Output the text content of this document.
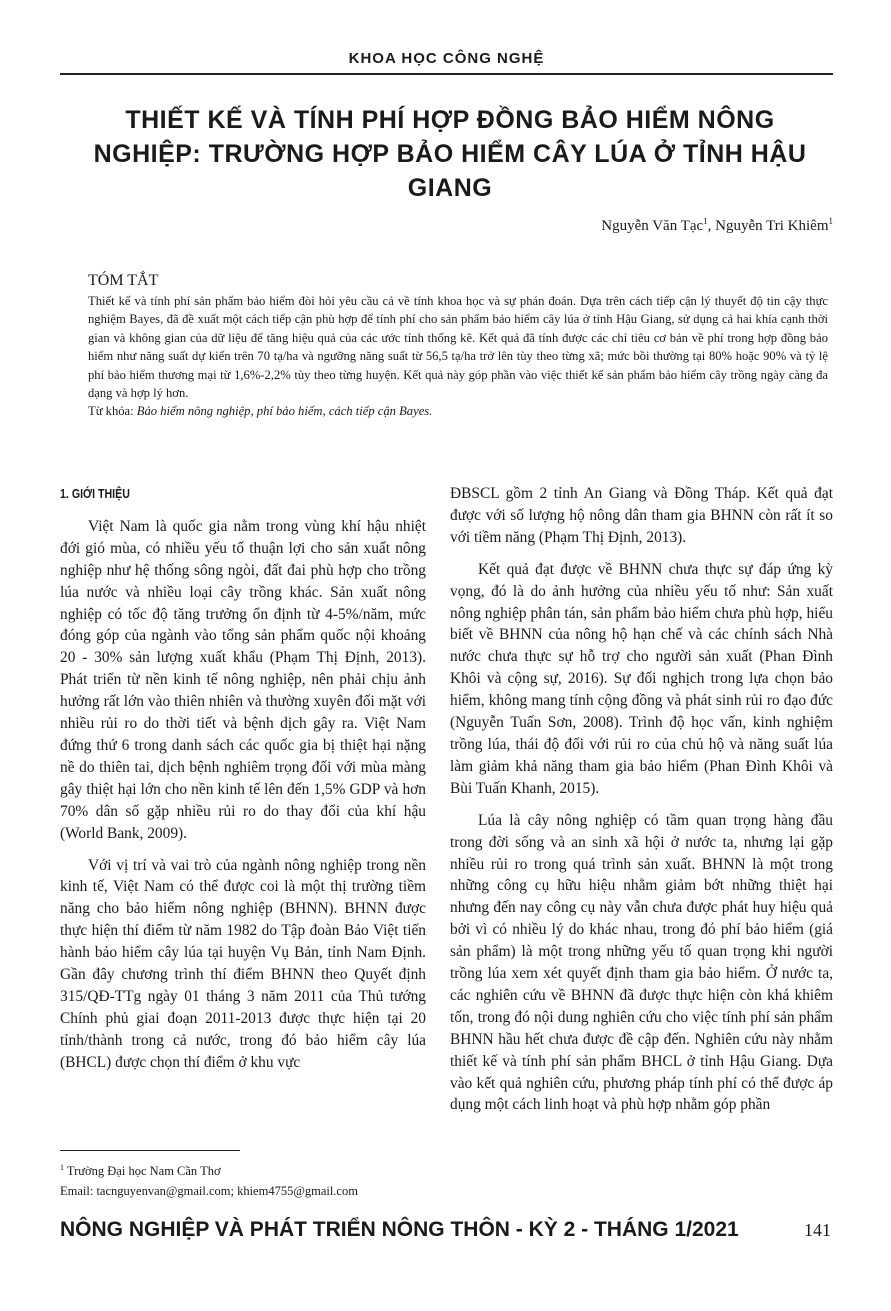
KHOA HỌC CÔNG NGHỆ
THIẾT KẾ VÀ TÍNH PHÍ HỢP ĐỒNG BẢO HIỂM NÔNG NGHIỆP: TRƯỜNG HỢP BẢO HIỂM CÂY LÚA Ở TỈNH HẬU GIANG
Nguyễn Văn Tạc$^1$, Nguyễn Tri Khiêm$^1$
TÓM TẮT

Thiết kế và tính phí sản phẩm bảo hiểm đòi hỏi yêu cầu cả về tính khoa học và sự phán đoán. Dựa trên cách tiếp cận lý thuyết độ tin cậy thực nghiệm Bayes, đã đề xuất một cách tiếp cận phù hợp để tính phí cho sản phẩm bảo hiểm cây lúa ở tỉnh Hậu Giang, sử dụng cả hai khía cạnh thời gian và không gian của dữ liệu để tăng hiệu quả của các ước tính thống kê. Kết quả đã tính được các chỉ tiêu cơ bản về phí trong hợp đồng bảo hiểm như năng suất dự kiến trên 70 tạ/ha và ngưỡng năng suất từ 56,5 tạ/ha trở lên tùy theo từng xã; mức bồi thường tại 80% hoặc 90% và tỷ lệ phí bảo hiểm thương mại từ 1,6%-2,2% tùy theo từng huyện. Kết quả này góp phần vào việc thiết kế sản phẩm bảo hiểm cây trồng ngày càng đa dạng và hợp lý hơn.

Từ khóa: Bảo hiểm nông nghiệp, phí bảo hiểm, cách tiếp cận Bayes.

1. GIỚI THIỆU

Việt Nam là quốc gia nằm trong vùng khí hậu nhiệt đới gió mùa, có nhiều yếu tố thuận lợi cho sản xuất nông nghiệp như hệ thống sông ngòi, đất đai phù hợp cho trồng lúa nước và nhiều loại cây trồng khác. Sản xuất nông nghiệp có tốc độ tăng trưởng ổn định từ 4-5%/năm, mức đóng góp của ngành vào tổng sản phẩm quốc nội khoảng 20 - 30% sản lượng xuất khẩu (Phạm Thị Định, 2013). Phát triển từ nền kinh tế nông nghiệp, nên phải chịu ảnh hưởng rất lớn vào thiên nhiên và thường xuyên đối mặt với nhiều rủi ro do thời tiết và bệnh dịch gây ra. Việt Nam đứng thứ 6 trong danh sách các quốc gia bị thiệt hại nặng nề do thiên tai, dịch bệnh nghiêm trọng đối với mùa màng gây thiệt hại lớn cho nền kinh tế lên đến 1,5% GDP và hơn 70% dân số gặp nhiều rủi ro do thay đổi của khí hậu (World Bank, 2009).

Với vị trí và vai trò của ngành nông nghiệp trong nền kinh tế, Việt Nam có thể được coi là một thị trường tiềm năng cho bảo hiểm nông nghiệp (BHNN). BHNN được thực hiện thí điểm từ năm 1982 do Tập đoàn Bảo Việt tiến hành bảo hiểm cây lúa tại huyện Vụ Bản, tỉnh Nam Định. Gần đây chương trình thí điểm BHNN theo Quyết định 315/QĐ-TTg ngày 01 tháng 3 năm 2011 của Thủ tướng Chính phủ giai đoạn 2011-2013 được thực hiện tại 20 tỉnh/thành trong cả nước, trong đó bảo hiểm cây lúa (BHCL) được chọn thí điểm ở khu vực

ĐBSCL gồm 2 tỉnh An Giang và Đồng Tháp. Kết quả đạt được với số lượng hộ nông dân tham gia BHNN còn rất ít so với tiềm năng (Phạm Thị Định, 2013).

Kết quả đạt được về BHNN chưa thực sự đáp ứng kỳ vọng, đó là do ảnh hưởng của nhiều yếu tố như: Sản xuất nông nghiệp phân tán, sản phẩm bảo hiểm chưa phù hợp, hiểu biết về BHNN của nông hộ hạn chế và các chính sách Nhà nước chưa thực sự hỗ trợ cho người sản xuất (Phan Đình Khôi và cộng sự, 2016). Sự đối nghịch trong lựa chọn bảo hiểm, không mang tính cộng đồng và phát sinh rủi ro đạo đức (Nguyễn Tuấn Sơn, 2008). Trình độ học vấn, kinh nghiệm trồng lúa, thái độ đối với rủi ro của chủ hộ và năng suất lúa làm giảm khả năng tham gia bảo hiểm (Phan Đình Khôi và Bùi Tuấn Khanh, 2015).

Lúa là cây nông nghiệp có tầm quan trọng hàng đầu trong đời sống và an sinh xã hội ở nước ta, nhưng lại gặp nhiều rủi ro trong quá trình sản xuất. BHNN là một trong những công cụ hữu hiệu nhằm giảm bớt những thiệt hại nhưng đến nay công cụ này vẫn chưa được phát huy hiệu quả bởi vì có nhiều lý do khác nhau, trong đó phí bảo hiểm (giá sản phẩm) là một trong những yếu tố quan trọng khi người trồng lúa xem xét quyết định tham gia bảo hiểm. Ở nước ta, các nghiên cứu về BHNN đã được thực hiện còn khá khiêm tốn, trong đó nội dung nghiên cứu cho việc tính phí sản phẩm BHNN hầu hết chưa được đề cập đến. Nghiên cứu này nhằm thiết kế và tính phí sản phẩm BHCL ở tỉnh Hậu Giang. Dựa vào kết quả nghiên cứu, phương pháp tính phí có thể được áp dụng một cách linh hoạt và phù hợp nhằm góp phần

$^1$ Trường Đại học Nam Cần Thơ
Email: tacnguyenvan@gmail.com; khiem4755@gmail.com
NÔNG NGHIỆP VÀ PHÁT TRIỂN NÔNG THÔN - KỲ 2 - THÁNG 1/2021	141
